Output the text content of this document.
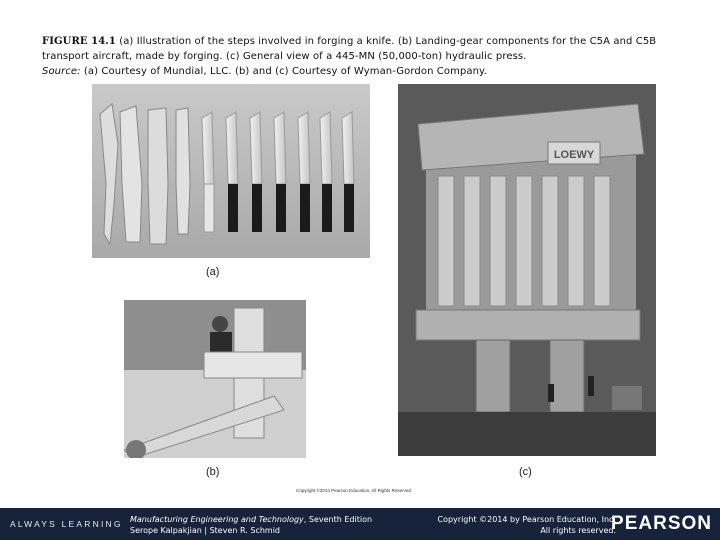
FIGURE 14.1 (a) Illustration of the steps involved in forging a knife. (b) Landing-gear components for the C5A and C5B transport aircraft, made by forging. (c) General view of a 445-MN (50,000-ton) hydraulic press.
Source: (a) Courtesy of Mundial, LLC. (b) and (c) Courtesy of Wyman-Gordon Company.
(a)
(b)
LOEWY
(c)
Copyright ©2014 Pearson Education, All Rights Reserved
ALWAYS LEARNING Manufacturing Engineering and Technology, Seventh Edition
Serope Kalpakjian | Steven R. Schmid
Copyright ©2014 by Pearson Education, Inc.
All rights reserved.
PEARSON
